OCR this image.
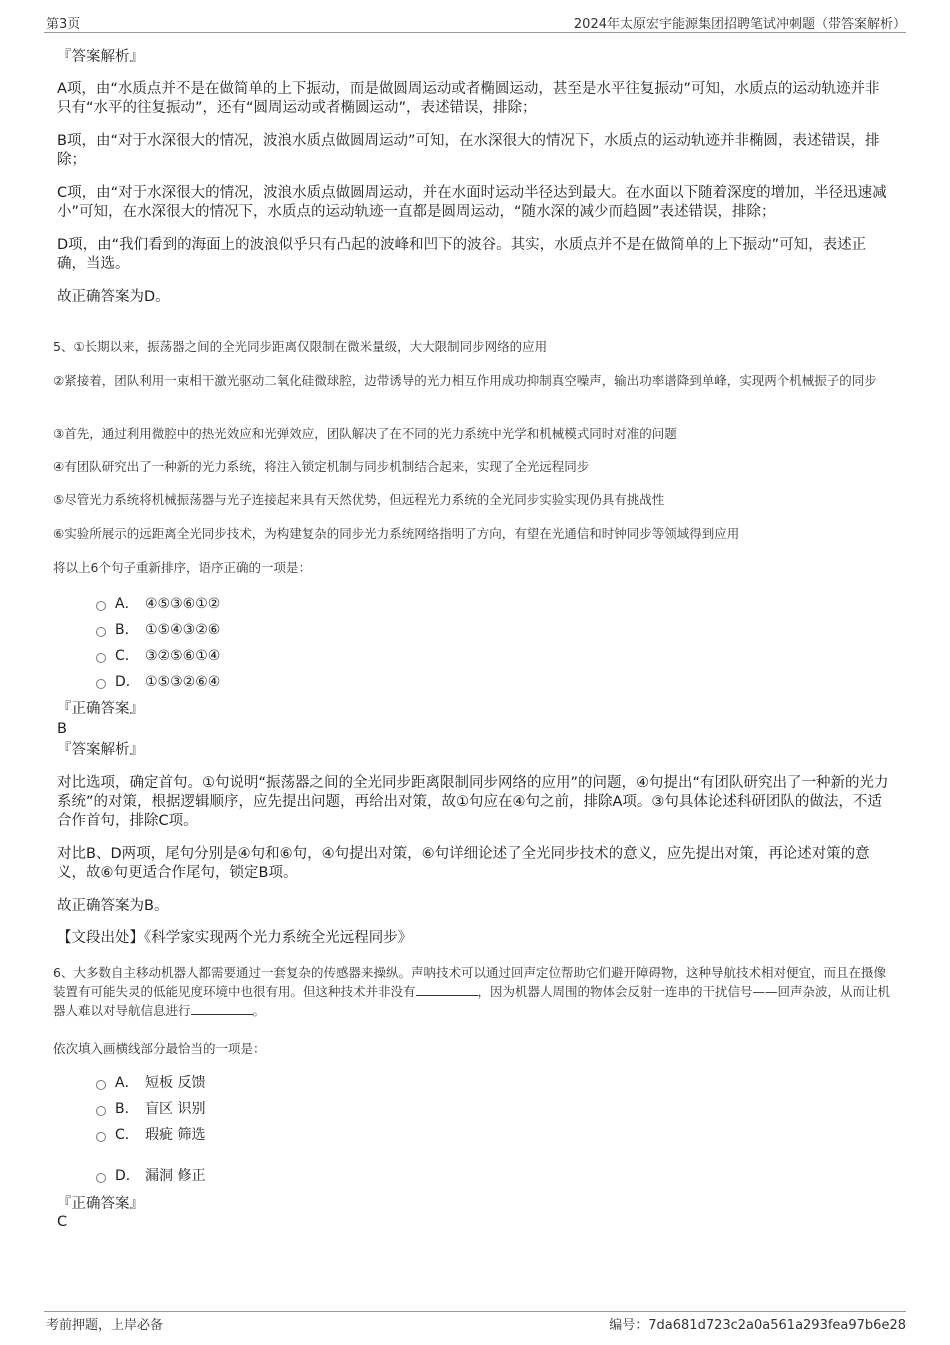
第3页	2024年太原宏宇能源集团招聘笔试冲刺题（带答案解析）
『答案解析』
A项，由“水质点并不是在做简单的上下振动，而是做圆周运动或者椭圆运动，甚至是水平往复振动”可知，水质点的运动轨迹并非只有“水平的往复振动”，还有“圆周运动或者椭圆运动”，表述错误，排除；
B项，由“对于水深很大的情况，波浪水质点做圆周运动”可知，在水深很大的情况下，水质点的运动轨迹并非椭圆，表述错误，排除；
C项，由“对于水深很大的情况，波浪水质点做圆周运动，并在水面时运动半径达到最大。在水面以下随着深度的增加，半径迅速减小”可知，在水深很大的情况下，水质点的运动轨迹一直都是圆周运动，“随水深的减少而趋圆”表述错误，排除；
D项，由“我们看到的海面上的波浪似乎只有凸起的波峰和凹下的波谷。其实，水质点并不是在做简单的上下振动”可知，表述正确，当选。
故正确答案为D。
5、①长期以来，振荡器之间的全光同步距离仅限制在微米量级，大大限制同步网络的应用
②紧接着，团队利用一束相干激光驱动二氧化硅微球腔，边带诱导的光力相互作用成功抑制真空噪声，输出功率谱降到单峰，实现两个机械振子的同步
③首先，通过利用微腔中的热光效应和光弹效应，团队解决了在不同的光力系统中光学和机械模式同时对准的问题
④有团队研究出了一种新的光力系统，将注入锁定机制与同步机制结合起来，实现了全光远程同步
⑤尽管光力系统将机械振荡器与光子连接起来具有天然优势，但远程光力系统的全光同步实验实现仍具有挑战性
⑥实验所展示的远距离全光同步技术，为构建复杂的同步光力系统网络指明了方向，有望在光通信和时钟同步等领域得到应用
将以上6个句子重新排序，语序正确的一项是：
A． ④⑤③⑥①②
B． ①⑤④③②⑥
C． ③②⑤⑥①④
D． ①⑤③②⑥④
『正确答案』
B
『答案解析』
对比选项，确定首句。①句说明“振荡器之间的全光同步距离限制同步网络的应用”的问题，④句提出“有团队研究出了一种新的光力系统”的对策，根据逻辑顺序，应先提出问题，再给出对策，故①句应在④句之前，排除A项。③句具体论述科研团队的做法，不适合作首句，排除C项。
对比B、D两项，尾句分别是④句和⑥句，④句提出对策，⑥句详细论述了全光同步技术的意义，应先提出对策，再论述对策的意义，故⑥句更适合作尾句，锁定B项。
故正确答案为B。
【文段出处】《科学家实现两个光力系统全光远程同步》
6、大多数自主移动机器人都需要通过一套复杂的传感器来操纵。声呐技术可以通过回声定位帮助它们避开障碍物，这种导航技术相对便宜，而且在摄像装置有可能失灵的低能见度环境中也很有用。但这种技术并非没有	，因为机器人周围的物体会反射一连串的干扰信号——回声杂波，从而让机器人难以对导航信息进行	。
依次填入画横线部分最恰当的一项是：
A． 短板 反馈
B． 盲区 识别
C． 瑕疵 筛选
D． 漏洞 修正
『正确答案』
C
考前押题，上岸必备	编号：7da681d723c2a0a561a293fea97b6e28
